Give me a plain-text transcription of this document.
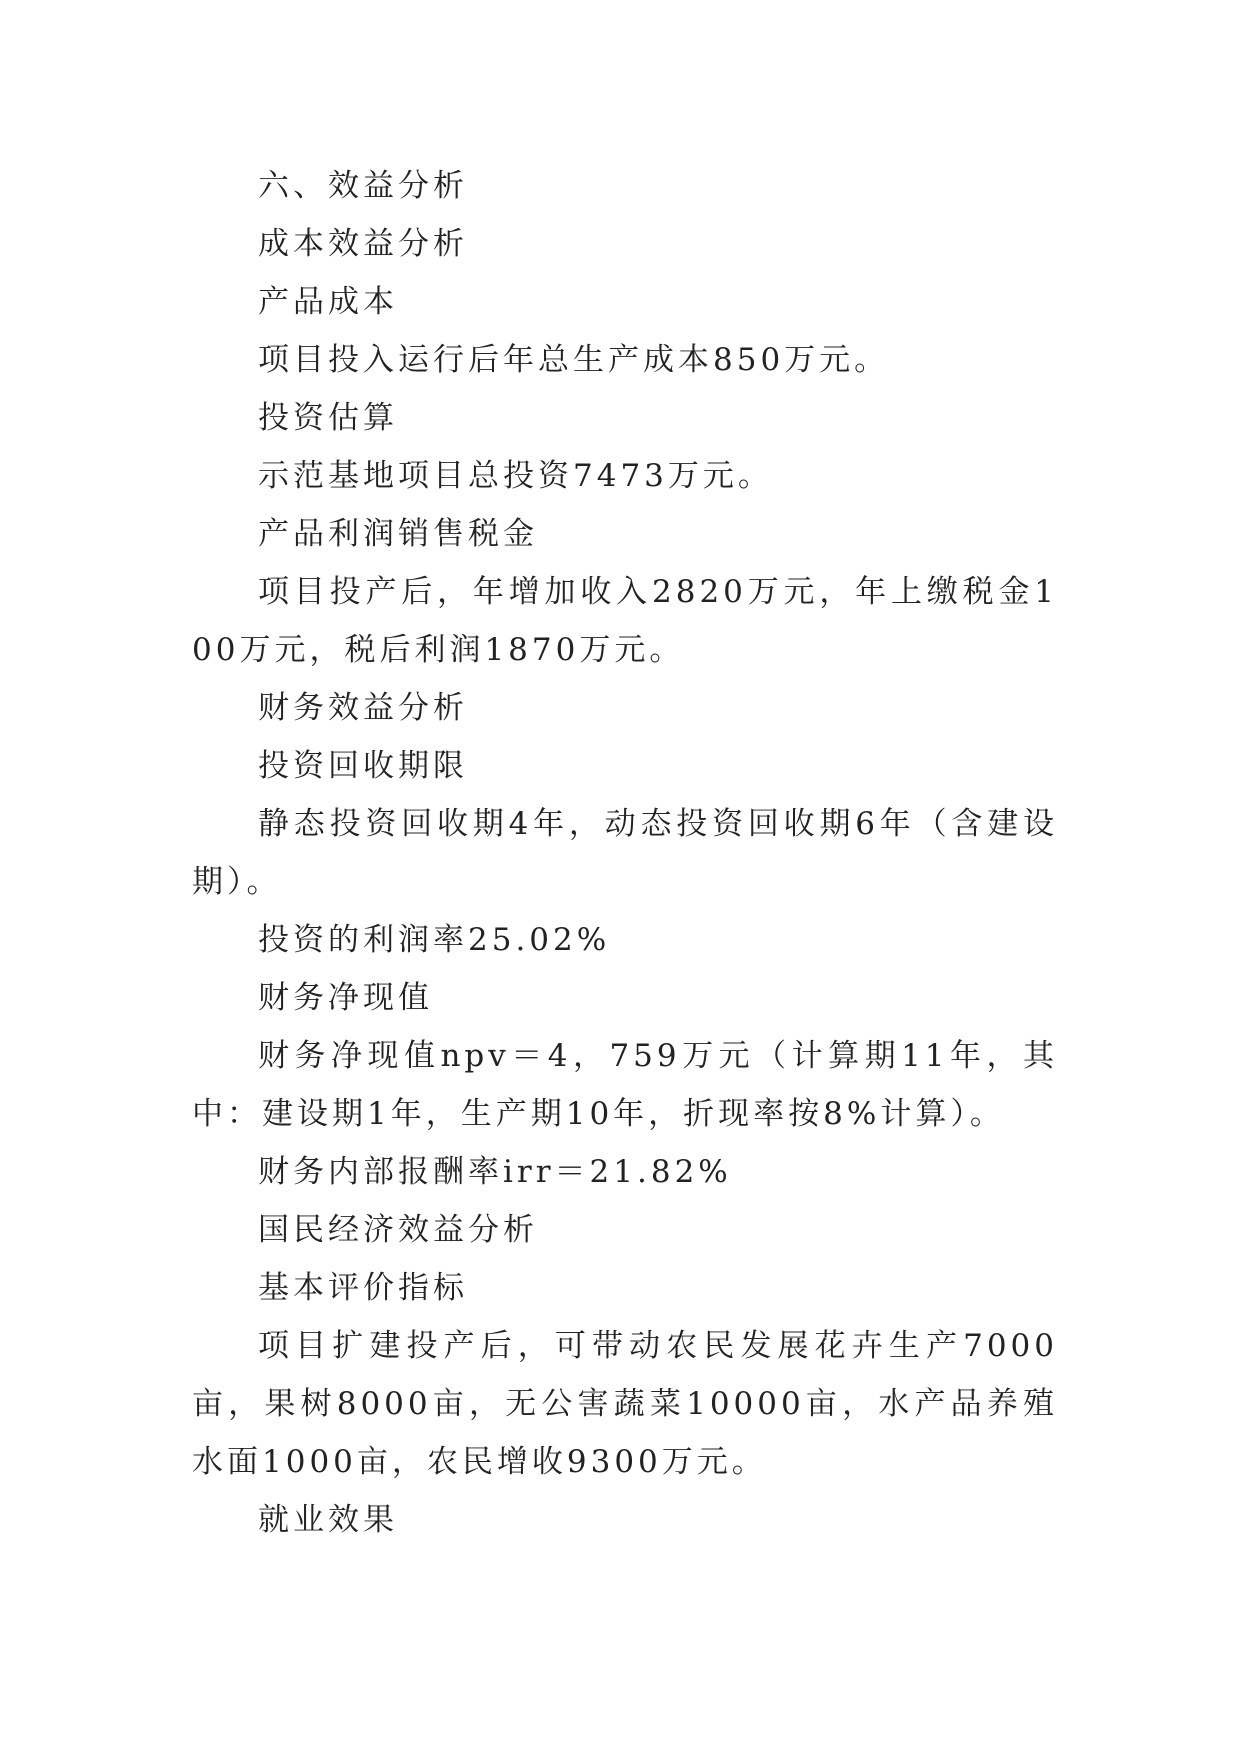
六、效益分析

成本效益分析

产品成本

项目投入运行后年总生产成本850万元。

投资估算

示范基地项目总投资7473万元。

产品利润销售税金

项目投产后，年增加收入2820万元，年上缴税金100万元，税后利润1870万元。

财务效益分析

投资回收期限

静态投资回收期4年，动态投资回收期6年（含建设期）。

投资的利润率25.02%

财务净现值

财务净现值npv＝4，759万元（计算期11年，其中：建设期1年，生产期10年，折现率按8%计算）。

财务内部报酬率irr＝21.82%

国民经济效益分析

基本评价指标

项目扩建投产后，可带动农民发展花卉生产7000亩，果树8000亩，无公害蔬菜10000亩，水产品养殖水面1000亩，农民增收9300万元。

就业效果
